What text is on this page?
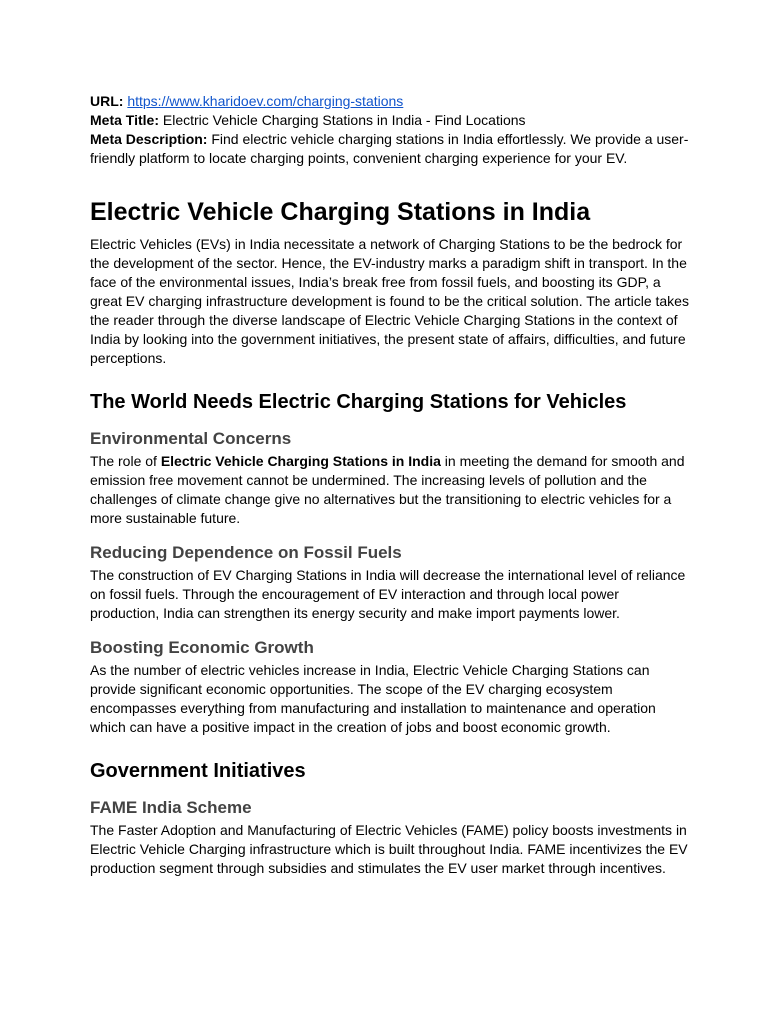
URL: https://www.kharidoev.com/charging-stations

Meta Title: Electric Vehicle Charging Stations in India - Find Locations

Meta Description: Find electric vehicle charging stations in India effortlessly. We provide a user-friendly platform to locate charging points, convenient charging experience for your EV.

Electric Vehicle Charging Stations in India

Electric Vehicles (EVs) in India necessitate a network of Charging Stations to be the bedrock for the development of the sector. Hence, the EV-industry marks a paradigm shift in transport. In the face of the environmental issues, India’s break free from fossil fuels, and boosting its GDP, a great EV charging infrastructure development is found to be the critical solution. The article takes the reader through the diverse landscape of Electric Vehicle Charging Stations in the context of India by looking into the government initiatives, the present state of affairs, difficulties, and future perceptions.

The World Needs Electric Charging Stations for Vehicles
Environmental Concerns

The role of Electric Vehicle Charging Stations in India in meeting the demand for smooth and emission free movement cannot be undermined. The increasing levels of pollution and the challenges of climate change give no alternatives but the transitioning to electric vehicles for a more sustainable future.

Reducing Dependence on Fossil Fuels

The construction of EV Charging Stations in India will decrease the international level of reliance on fossil fuels. Through the encouragement of EV interaction and through local power production, India can strengthen its energy security and make import payments lower.

Boosting Economic Growth

As the number of electric vehicles increase in India, Electric Vehicle Charging Stations can provide significant economic opportunities. The scope of the EV charging ecosystem encompasses everything from manufacturing and installation to maintenance and operation which can have a positive impact in the creation of jobs and boost economic growth.

Government Initiatives
FAME India Scheme

The Faster Adoption and Manufacturing of Electric Vehicles (FAME) policy boosts investments in Electric Vehicle Charging infrastructure which is built throughout India. FAME incentivizes the EV production segment through subsidies and stimulates the EV user market through incentives.
